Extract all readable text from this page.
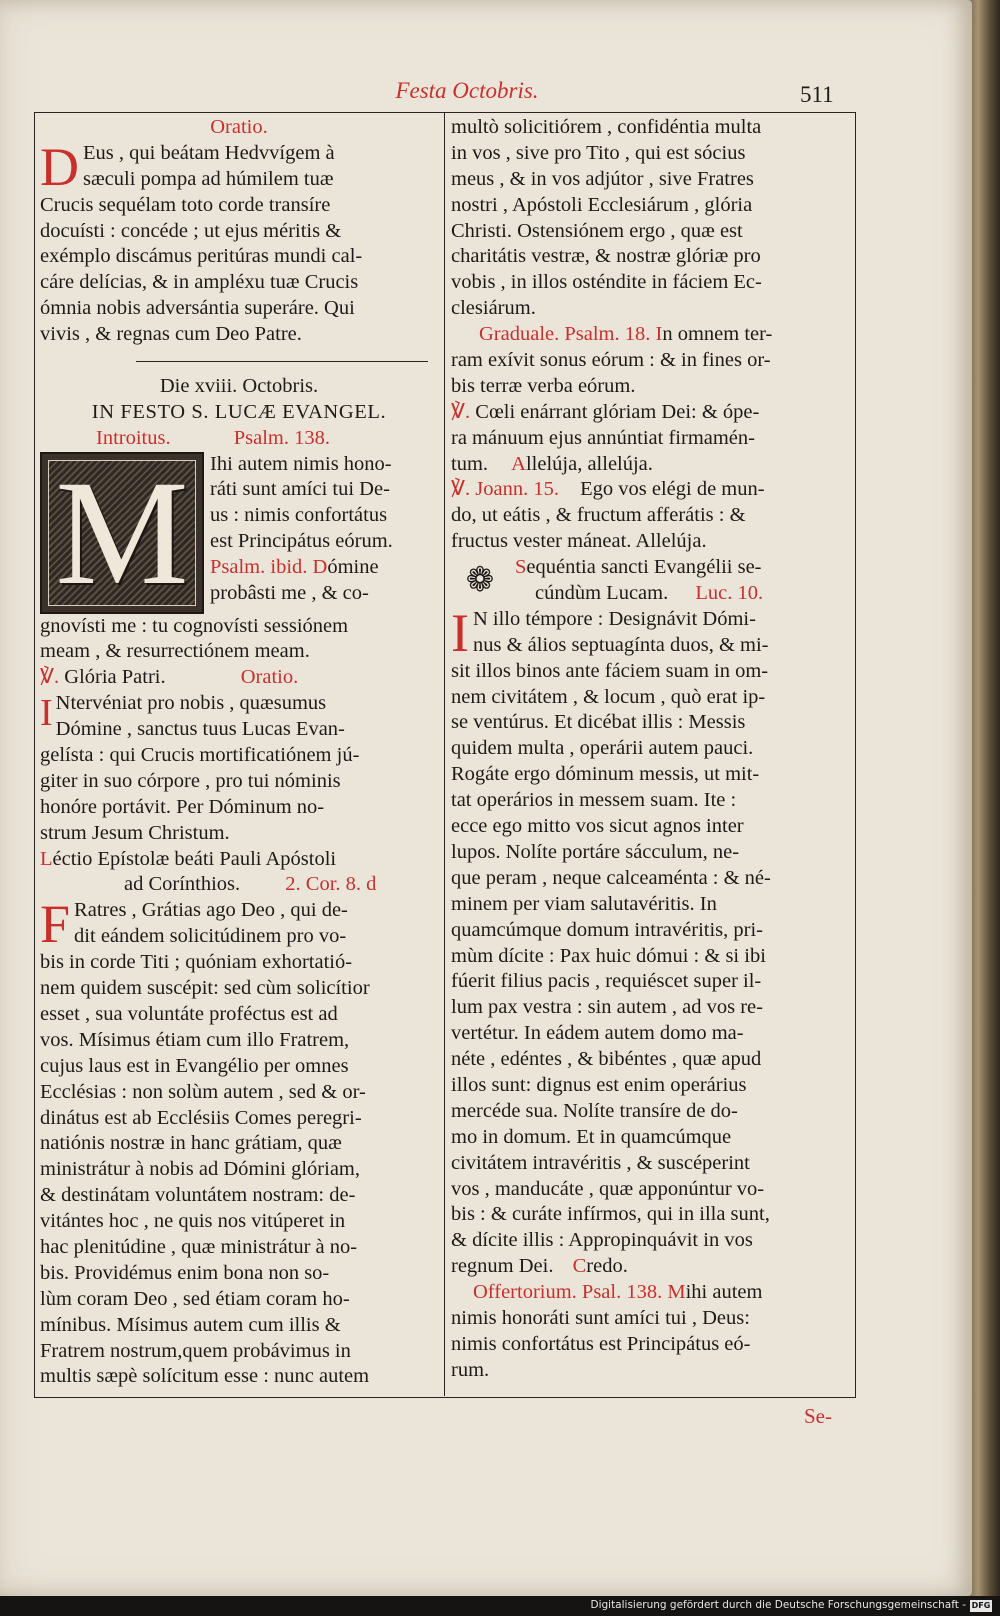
Festa Octobris.	511
Oratio.
D Eus , qui beátam Hedvvígem à
sæculi pompa ad húmilem tuæ
Crucis sequélam toto corde transíre
docuísti : concéde ; ut ejus méritis &
exémplo discámus peritúras mundi cal-
cáre delícias, & in ampléxu tuæ Crucis
ómnia nobis adversántia superáre. Qui
vivis , & regnas cum Deo Patre.
Die xviii. Octobris.
IN FESTO S. LUCÆ EVANGEL.
Introitus.	Psalm. 138.
M	Ihi autem nimis hono-
ráti sunt amíci tui De-
us : nimis confortátus
est Principátus eórum.
Psalm. ibid. Dómine
probâsti me , & co-
gnovísti me : tu cognovísti sessiónem
meam , & resurrectiónem meam.
℣. Glória Patri.	Oratio.
I Ntervéniat pro nobis , quæsumus
Dómine , sanctus tuus Lucas Evan-
gelísta : qui Crucis mortificatiónem jú-
giter in suo córpore , pro tui nóminis
honóre portávit. Per Dóminum no-
strum Jesum Christum.
Léctio Epístolæ beáti Pauli Apóstoli
ad Corínthios. 2. Cor. 8. d
F Ratres , Grátias ago Deo , qui de-
dit eándem solicitúdinem pro vo-
bis in corde Titi ; quóniam exhortatió-
nem quidem suscépit: sed cùm solicítior
esset , sua voluntáte proféctus est ad
vos. Mísimus étiam cum illo Fratrem,
cujus laus est in Evangélio per omnes
Ecclésias : non solùm autem , sed & or-
dinátus est ab Ecclésiis Comes peregri-
natiónis nostræ in hanc grátiam, quæ
ministrátur à nobis ad Dómini glóriam,
& destinátam voluntátem nostram: de-
vitántes hoc , ne quis nos vitúperet in
hac plenitúdine , quæ ministrátur à no-
bis. Providémus enim bona non so-
lùm coram Deo , sed étiam coram ho-
mínibus. Mísimus autem cum illis &
Fratrem nostrum,quem probávimus in
multis sæpè solícitum esse : nunc autem
multò solicitiórem , confidéntia multa
in vos , sive pro Tito , qui est sócius
meus , & in vos adjútor , sive Fratres
nostri , Apóstoli Ecclesiárum , glória
Christi. Ostensiónem ergo , quæ est
charitátis vestræ, & nostræ glóriæ pro
vobis , in illos osténdite in fáciem Ec-
clesiárum.
Graduale. Psalm. 18. In omnem ter-
ram exívit sonus eórum : & in fines or-
bis terræ verba eórum.
℣. Cœli enárrant glóriam Dei: & ópe-
ra mánuum ejus annúntiat firmamén-
tum. Allelúja, allelúja.
℣. Joann. 15. Ego vos elégi de mun-
do, ut eátis , & fructum afferátis : &
fructus vester máneat. Allelúja.
❁	Sequéntia sancti Evangélii se-
cúndùm Lucam. Luc. 10.
I N illo témpore : Designávit Dómi-
nus & álios septuagínta duos, & mi-
sit illos binos ante fáciem suam in om-
nem civitátem , & locum , quò erat ip-
se ventúrus. Et dicébat illis : Messis
quidem multa , operárii autem pauci.
Rogáte ergo dóminum messis, ut mit-
tat operários in messem suam. Ite :
ecce ego mitto vos sicut agnos inter
lupos. Nolíte portáre sácculum, ne-
que peram , neque calceaménta : & né-
minem per viam salutavéritis. In
quamcúmque domum intravéritis, pri-
mùm dícite : Pax huic dómui : & si ibi
fúerit filius pacis , requiéscet super il-
lum pax vestra : sin autem , ad vos re-
vertétur. In eádem autem domo ma-
néte , edéntes , & bibéntes , quæ apud
illos sunt: dignus est enim operárius
mercéde sua. Nolíte transíre de do-
mo in domum. Et in quamcúmque
civitátem intravéritis , & suscéperint
vos , manducáte , quæ apponúntur vo-
bis : & curáte infírmos, qui in illa sunt,
& dícite illis : Appropinquávit in vos
regnum Dei. Credo.
Offertorium. Psal. 138. Mihi autem
nimis honoráti sunt amíci tui , Deus:
nimis confortátus est Principátus eó-
rum.
Se-
Digitalisierung gefördert durch die Deutsche Forschungsgemeinschaft - DFG
